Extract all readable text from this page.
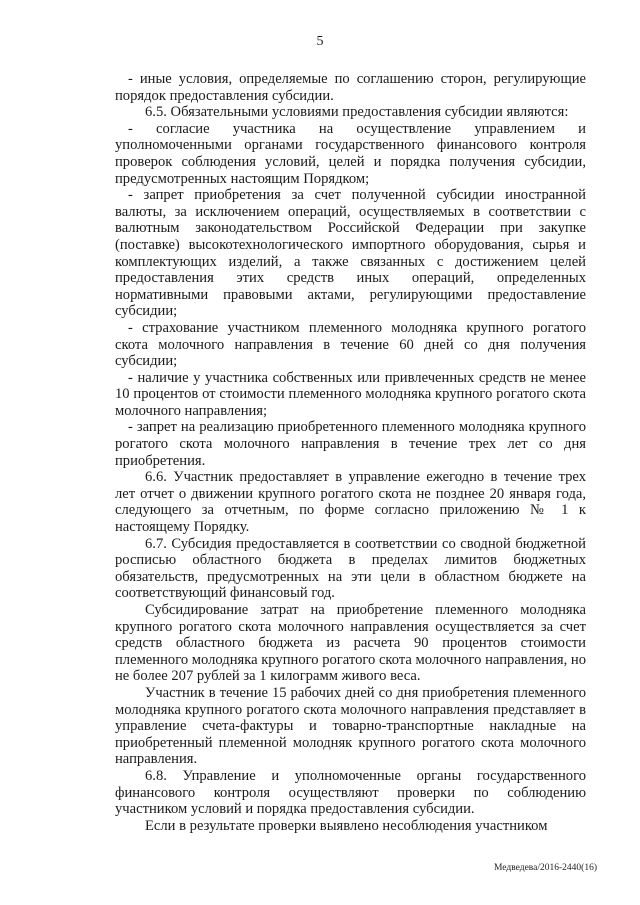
5

- иные условия, определяемые по соглашению сторон, регулирующие порядок предоставления субсидии.

6.5. Обязательными условиями предоставления субсидии являются:

- согласие участника на осуществление управлением и уполномоченными органами государственного финансового контроля проверок соблюдения условий, целей и порядка получения субсидии, предусмотренных настоящим Порядком;

- запрет приобретения за счет полученной субсидии иностранной валюты, за исключением операций, осуществляемых в соответствии с валютным законодательством Российской Федерации при закупке (поставке) высокотехнологического импортного оборудования, сырья и комплектующих изделий, а также связанных с достижением целей предоставления этих средств иных операций, определенных нормативными правовыми актами, регулирующими предоставление субсидии;

- страхование участником племенного молодняка крупного рогатого скота молочного направления в течение 60 дней со дня получения субсидии;

- наличие у участника собственных или привлеченных средств не менее 10 процентов от стоимости племенного молодняка крупного рогатого скота молочного направления;

- запрет на реализацию приобретенного племенного молодняка крупного рогатого скота молочного направления в течение трех лет со дня приобретения.

6.6. Участник предоставляет в управление ежегодно в течение трех лет отчет о движении крупного рогатого скота не позднее 20 января года, следующего за отчетным, по форме согласно приложению № 1 к настоящему Порядку.

6.7. Субсидия предоставляется в соответствии со сводной бюджетной росписью областного бюджета в пределах лимитов бюджетных обязательств, предусмотренных на эти цели в областном бюджете на соответствующий финансовый год.

Субсидирование затрат на приобретение племенного молодняка крупного рогатого скота молочного направления осуществляется за счет средств областного бюджета из расчета 90 процентов стоимости племенного молодняка крупного рогатого скота молочного направления, но не более 207 рублей за 1 килограмм живого веса.

Участник в течение 15 рабочих дней со дня приобретения племенного молодняка крупного рогатого скота молочного направления представляет в управление счета-фактуры и товарно-транспортные накладные на приобретенный племенной молодняк крупного рогатого скота молочного направления.

6.8. Управление и уполномоченные органы государственного финансового контроля осуществляют проверки по соблюдению участником условий и порядка предоставления субсидии.

Если в результате проверки выявлено несоблюдения участником

Медведева/2016-2440(16)
